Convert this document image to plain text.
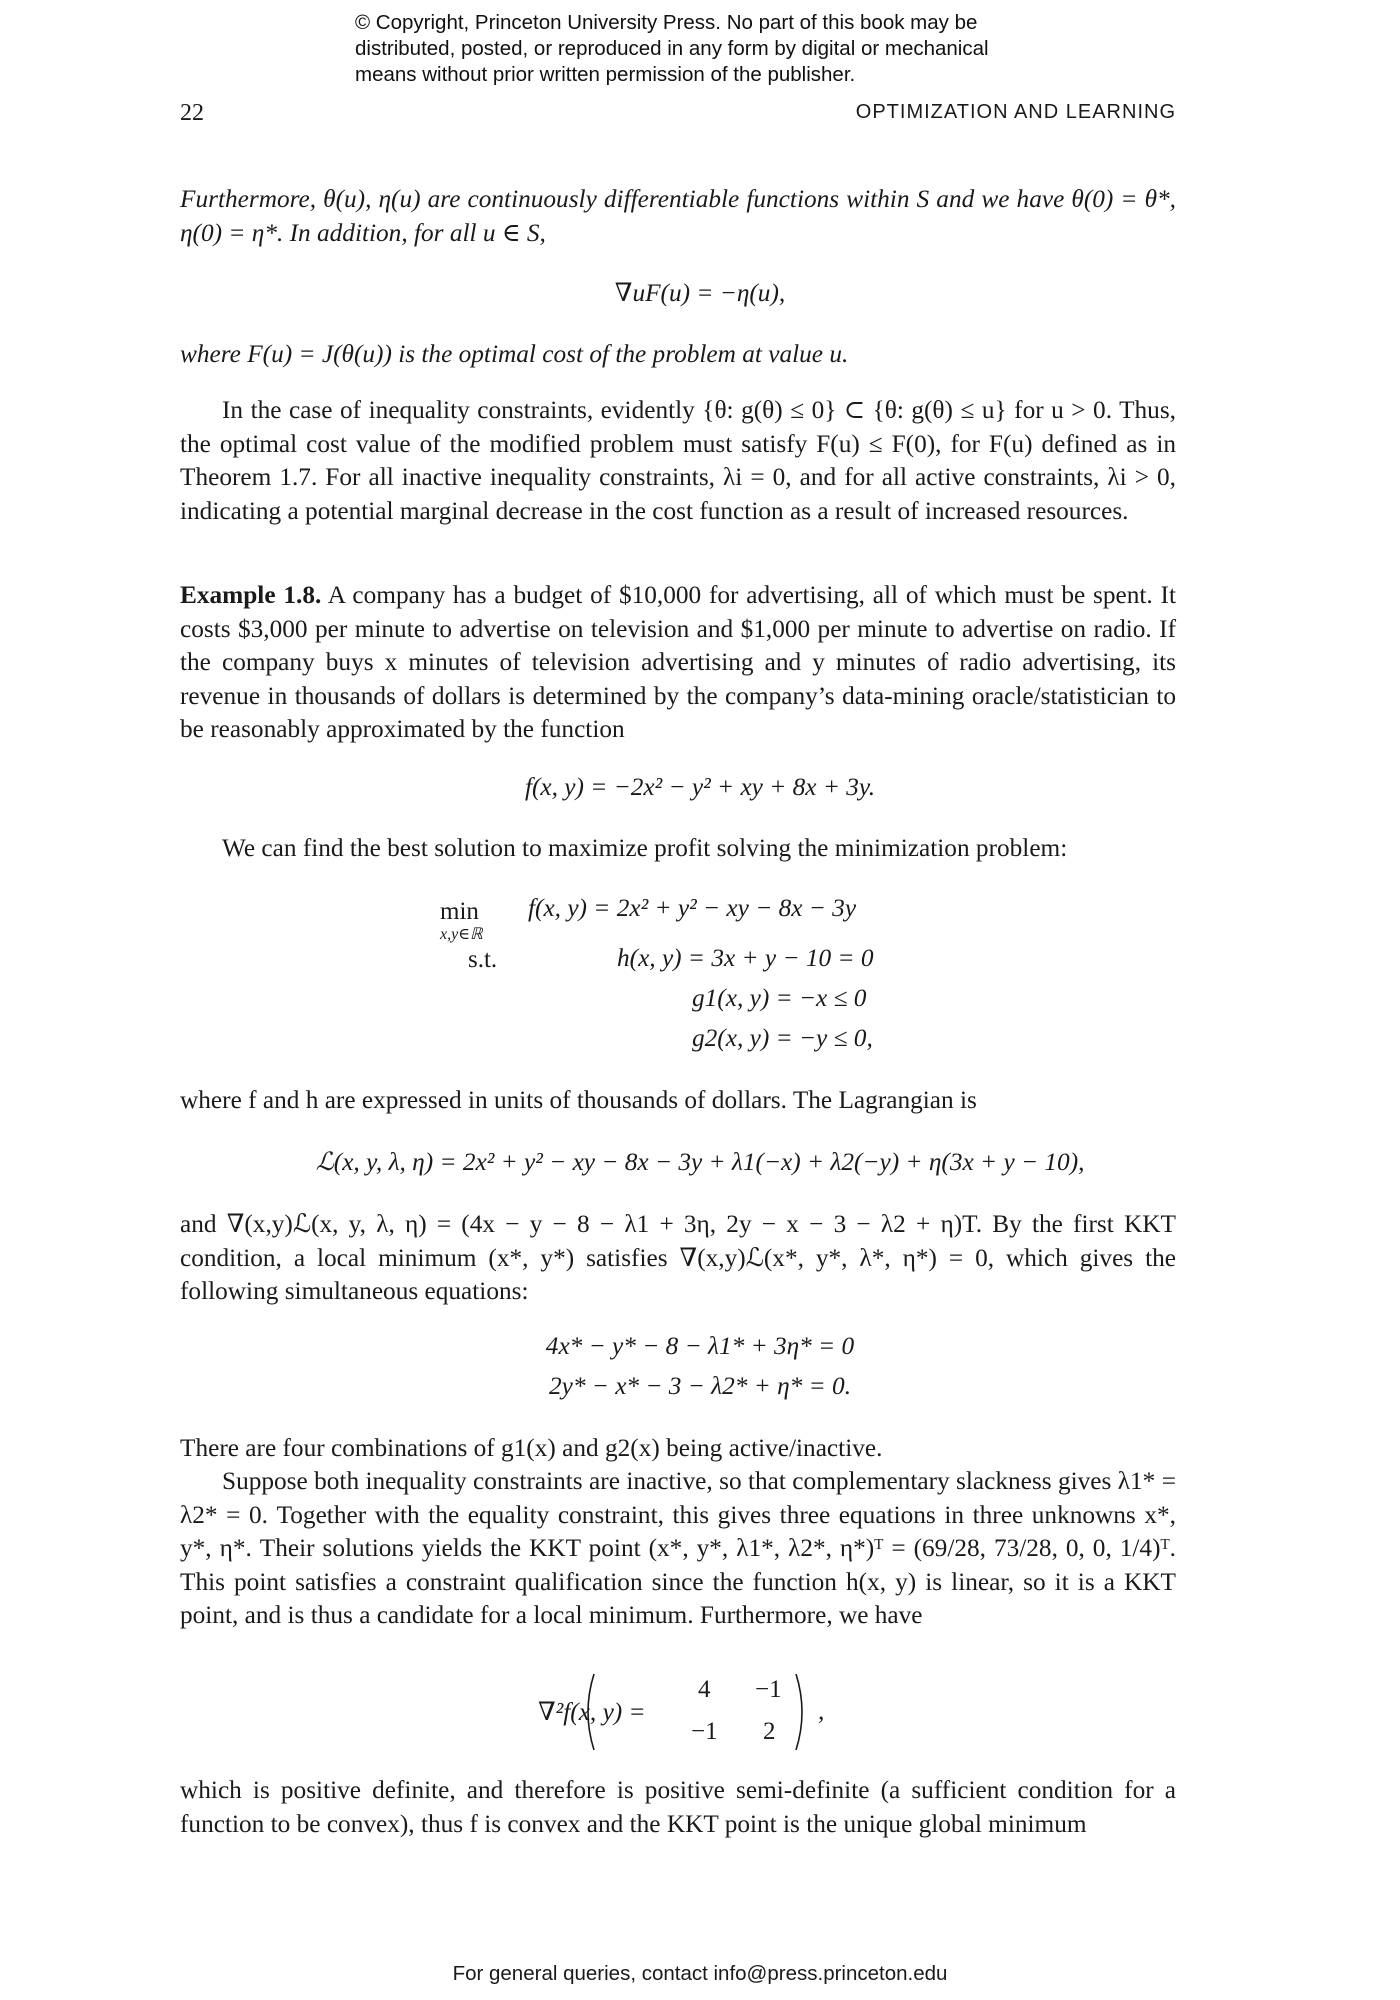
© Copyright, Princeton University Press. No part of this book may be
distributed, posted, or reproduced in any form by digital or mechanical
means without prior written permission of the publisher.
22	OPTIMIZATION AND LEARNING
Furthermore, θ(u), η(u) are continuously differentiable functions within S and we have θ(0) = θ*, η(0) = η*. In addition, for all u ∈ S,
∇uF(u) = −η(u),
where F(u) = J(θ(u)) is the optimal cost of the problem at value u.
In the case of inequality constraints, evidently {θ: g(θ) ≤ 0} ⊂ {θ: g(θ) ≤ u} for u > 0. Thus, the optimal cost value of the modified problem must satisfy F(u) ≤ F(0), for F(u) defined as in Theorem 1.7. For all inactive inequality constraints, λi = 0, and for all active constraints, λi > 0, indicating a potential marginal decrease in the cost function as a result of increased resources.
Example 1.8. A company has a budget of $10,000 for advertising, all of which must be spent. It costs $3,000 per minute to advertise on television and $1,000 per minute to advertise on radio. If the company buys x minutes of television advertising and y minutes of radio advertising, its revenue in thousands of dollars is determined by the company’s data-mining oracle/statistician to be reasonably approximated by the function
f(x, y) = −2x² − y² + xy + 8x + 3y.
We can find the best solution to maximize profit solving the minimization problem:
min
x,y∈ℝ
s.t.
f(x, y) = 2x² + y² − xy − 8x − 3y
h(x, y) = 3x + y − 10 = 0
g1(x, y) = −x ≤ 0
g2(x, y) = −y ≤ 0,
where f and h are expressed in units of thousands of dollars. The Lagrangian is
ℒ(x, y, λ, η) = 2x² + y² − xy − 8x − 3y + λ1(−x) + λ2(−y) + η(3x + y − 10),
and ∇(x,y)ℒ(x, y, λ, η) = (4x − y − 8 − λ1 + 3η, 2y − x − 3 − λ2 + η)T. By the first KKT condition, a local minimum (x*, y*) satisfies ∇(x,y)ℒ(x*, y*, λ*, η*) = 0, which gives the following simultaneous equations:
4x* − y* − 8 − λ1* + 3η* = 0
2y* − x* − 3 − λ2* + η* = 0.
There are four combinations of g1(x) and g2(x) being active/inactive.
Suppose both inequality constraints are inactive, so that complementary slackness gives λ1* = λ2* = 0. Together with the equality constraint, this gives three equations in three unknowns x*, y*, η*. Their solutions yields the KKT point (x*, y*, λ1*, λ2*, η*)ᵀ = (69/28, 73/28, 0, 0, 1/4)ᵀ. This point satisfies a constraint qualification since the function h(x, y) is linear, so it is a KKT point, and is thus a candidate for a local minimum. Furthermore, we have
∇²f(x, y) =
4 −1
−1 2
,
which is positive definite, and therefore is positive semi-definite (a sufficient condition for a function to be convex), thus f is convex and the KKT point is the unique global minimum
For general queries, contact info@press.princeton.edu
